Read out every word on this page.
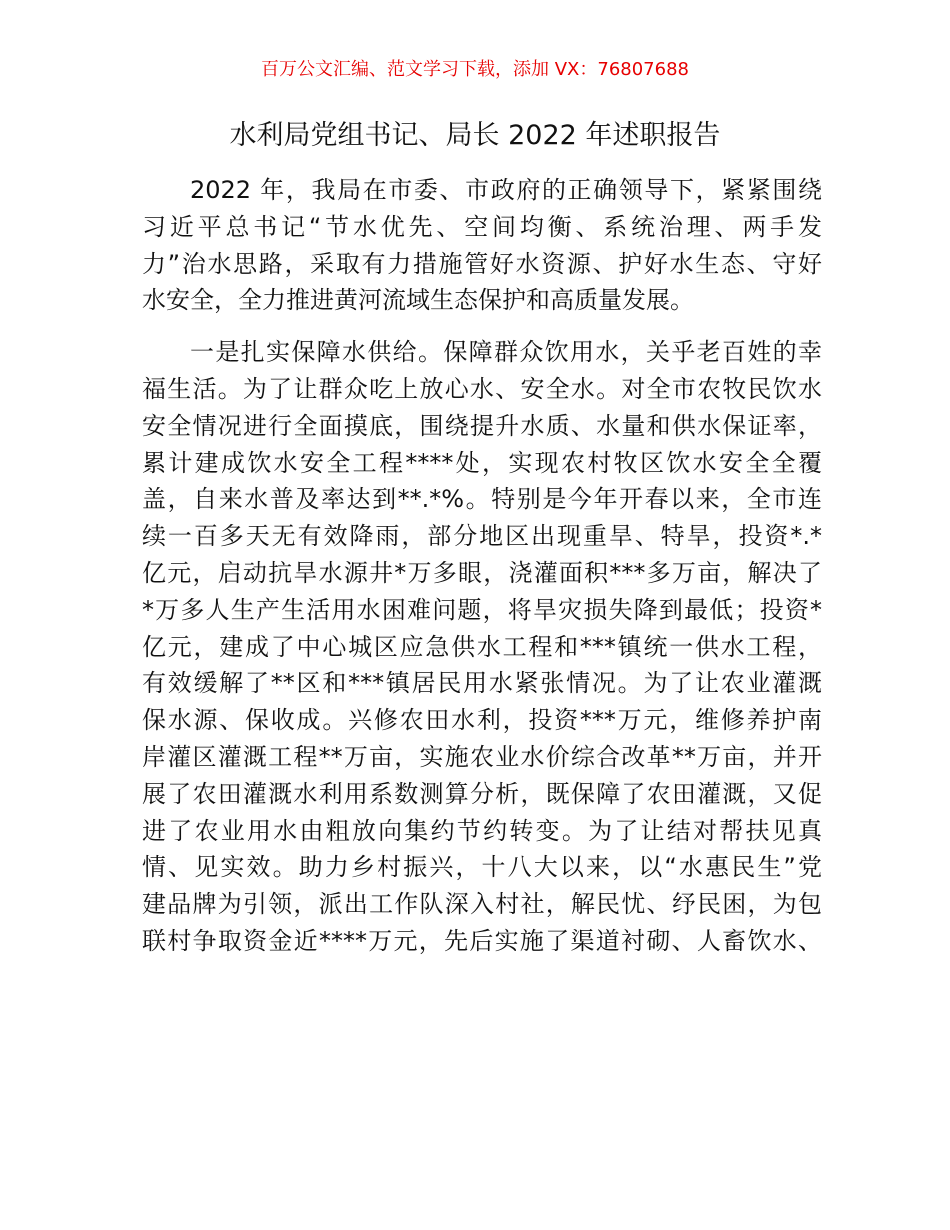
百万公文汇编、范文学习下载，添加 VX：76807688
水利局党组书记、局长 2022 年述职报告
2022 年，我局在市委、市政府的正确领导下，紧紧围绕
习近平总书记“节水优先、空间均衡、系统治理、两手发
力”治水思路，采取有力措施管好水资源、护好水生态、守好
水安全，全力推进黄河流域生态保护和高质量发展。
一是扎实保障水供给。保障群众饮用水，关乎老百姓的幸
福生活。为了让群众吃上放心水、安全水。对全市农牧民饮水
安全情况进行全面摸底，围绕提升水质、水量和供水保证率，
累计建成饮水安全工程****处，实现农村牧区饮水安全全覆
盖，自来水普及率达到**.*%。特别是今年开春以来，全市连
续一百多天无有效降雨，部分地区出现重旱、特旱，投资*.*
亿元，启动抗旱水源井*万多眼，浇灌面积***多万亩，解决了
*万多人生产生活用水困难问题，将旱灾损失降到最低；投资*
亿元，建成了中心城区应急供水工程和***镇统一供水工程，
有效缓解了**区和***镇居民用水紧张情况。为了让农业灌溉
保水源、保收成。兴修农田水利，投资***万元，维修养护南
岸灌区灌溉工程**万亩，实施农业水价综合改革**万亩，并开
展了农田灌溉水利用系数测算分析，既保障了农田灌溉，又促
进了农业用水由粗放向集约节约转变。为了让结对帮扶见真
情、见实效。助力乡村振兴，十八大以来，以“水惠民生”党
建品牌为引领，派出工作队深入村社，解民忧、纾民困，为包
联村争取资金近****万元，先后实施了渠道衬砌、人畜饮水、
